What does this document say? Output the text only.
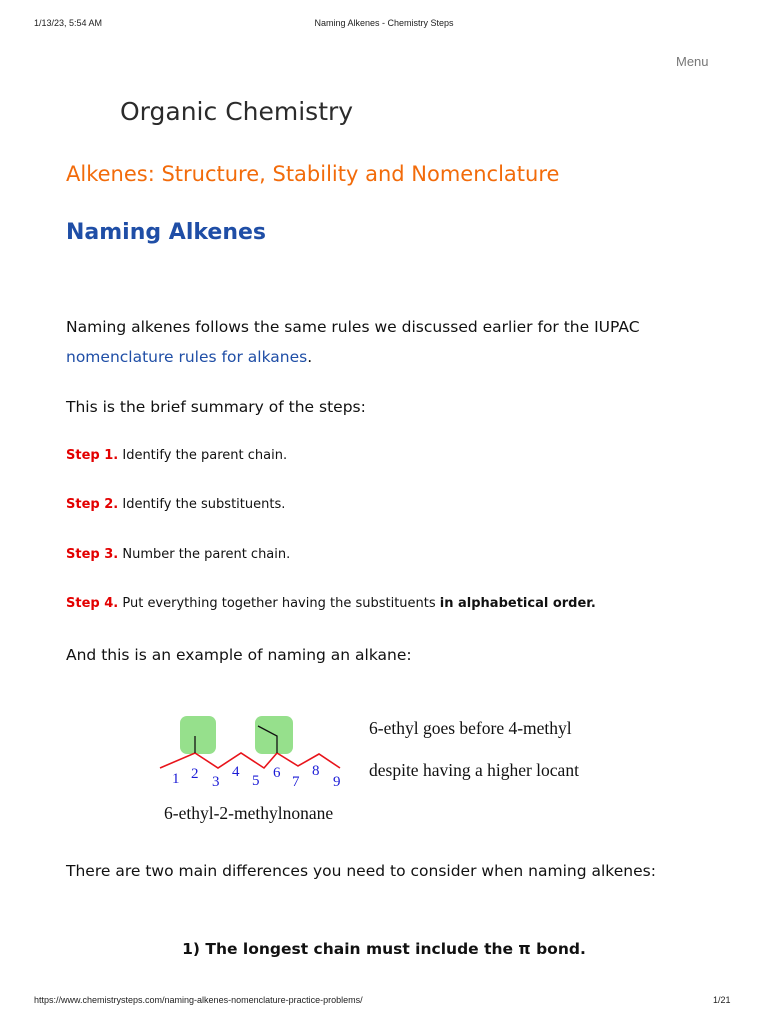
1/13/23, 5:54 AM	Naming Alkenes - Chemistry Steps
Menu
Organic Chemistry
Alkenes: Structure, Stability and Nomenclature
Naming Alkenes
Naming alkenes follows the same rules we discussed earlier for the IUPAC
nomenclature rules for alkanes.
This is the brief summary of the steps:
Step 1. Identify the parent chain.
Step 2. Identify the substituents.
Step 3. Number the parent chain.
Step 4. Put everything together having the substituents in alphabetical order.
And this is an example of naming an alkane:
1 2 3
4
5 6
7
8
9
6-ethyl-2-methylnonane
6-ethyl goes before 4-methyl
despite having a higher locant
There are two main differences you need to consider when naming alkenes:
1) The longest chain must include the π bond.
https://www.chemistrysteps.com/naming-alkenes-nomenclature-practice-problems/	1/21
